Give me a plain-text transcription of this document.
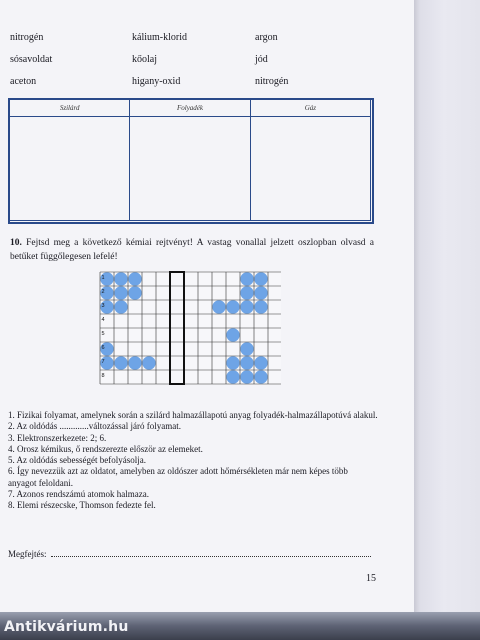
nitrogén	kálium-klorid	argon
sósavoldat	kőolaj	jód
aceton	higany-oxid	nitrogén
Szilárd	Folyadék	Gáz

10. Fejtsd meg a következő kémiai rejtvényt! A vastag vonallal jelzett oszlopban olvasd a betűket függőlegesen lefelé!
1
2
3
4
5
6
7
8

1. Fizikai folyamat, amelynek során a szilárd halmazállapotú anyag folyadék-halmazállapotúvá alakul.

2. Az oldódás .............változással járó folyamat.

3. Elektronszerkezete: 2; 6.

4. Orosz kémikus, ő rendszerezte először az elemeket.

5. Az oldódás sebességét befolyásolja.

6. Így nevezzük azt az oldatot, amelyben az oldószer adott hőmérsékleten már nem képes több anyagot feloldani.

7. Azonos rendszámú atomok halmaza.

8. Elemi részecske, Thomson fedezte fel.

Megfejtés:
15
Antikvárium.hu
